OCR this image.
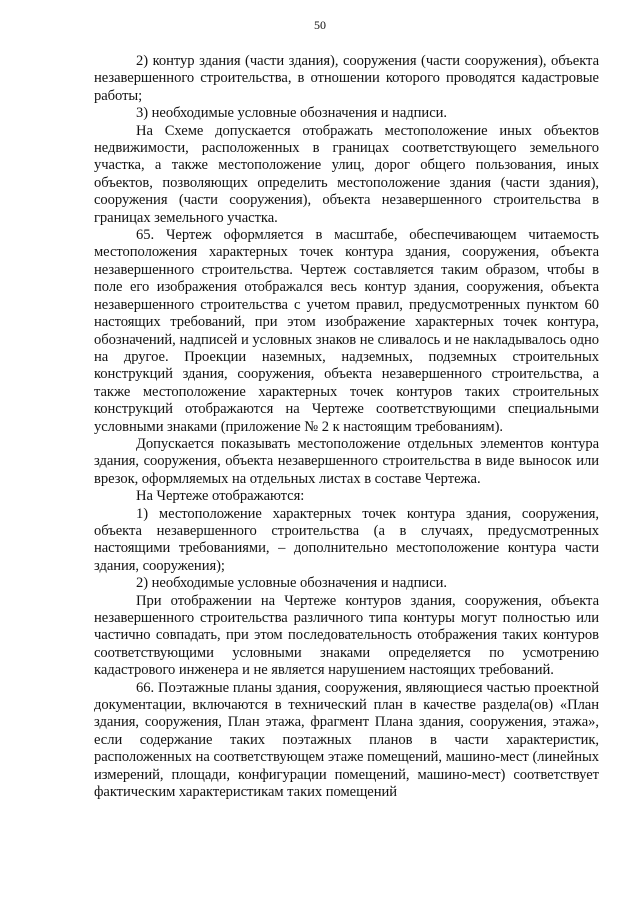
50

2) контур здания (части здания), сооружения (части сооружения), объекта незавершенного строительства, в отношении которого проводятся кадастровые работы;

3) необходимые условные обозначения и надписи.

На Схеме допускается отображать местоположение иных объектов недвижимости, расположенных в границах соответствующего земельного участка, а также местоположение улиц, дорог общего пользования, иных объектов, позволяющих определить местоположение здания (части здания), сооружения (части сооружения), объекта незавершенного строительства в границах земельного участка.

65. Чертеж оформляется в масштабе, обеспечивающем читаемость местоположения характерных точек контура здания, сооружения, объекта незавершенного строительства. Чертеж составляется таким образом, чтобы в поле его изображения отображался весь контур здания, сооружения, объекта незавершенного строительства с учетом правил, предусмотренных пунктом 60 настоящих требований, при этом изображение характерных точек контура, обозначений, надписей и условных знаков не сливалось и не накладывалось одно на другое. Проекции наземных, надземных, подземных строительных конструкций здания, сооружения, объекта незавершенного строительства, а также местоположение характерных точек контуров таких строительных конструкций отображаются на Чертеже соответствующими специальными условными знаками (приложение № 2 к настоящим требованиям).

Допускается показывать местоположение отдельных элементов контура здания, сооружения, объекта незавершенного строительства в виде выносок или врезок, оформляемых на отдельных листах в составе Чертежа.

На Чертеже отображаются:

1) местоположение характерных точек контура здания, сооружения, объекта незавершенного строительства (а в случаях, предусмотренных настоящими требованиями, – дополнительно местоположение контура части здания, сооружения);

2) необходимые условные обозначения и надписи.

При отображении на Чертеже контуров здания, сооружения, объекта незавершенного строительства различного типа контуры могут полностью или частично совпадать, при этом последовательность отображения таких контуров соответствующими условными знаками определяется по усмотрению кадастрового инженера и не является нарушением настоящих требований.

66. Поэтажные планы здания, сооружения, являющиеся частью проектной документации, включаются в технический план в качестве раздела(ов) «План здания, сооружения, План этажа, фрагмент Плана здания, сооружения, этажа», если содержание таких поэтажных планов в части характеристик, расположенных на соответствующем этаже помещений, машино-мест (линейных измерений, площади, конфигурации помещений, машино-мест) соответствует фактическим характеристикам таких помещений
